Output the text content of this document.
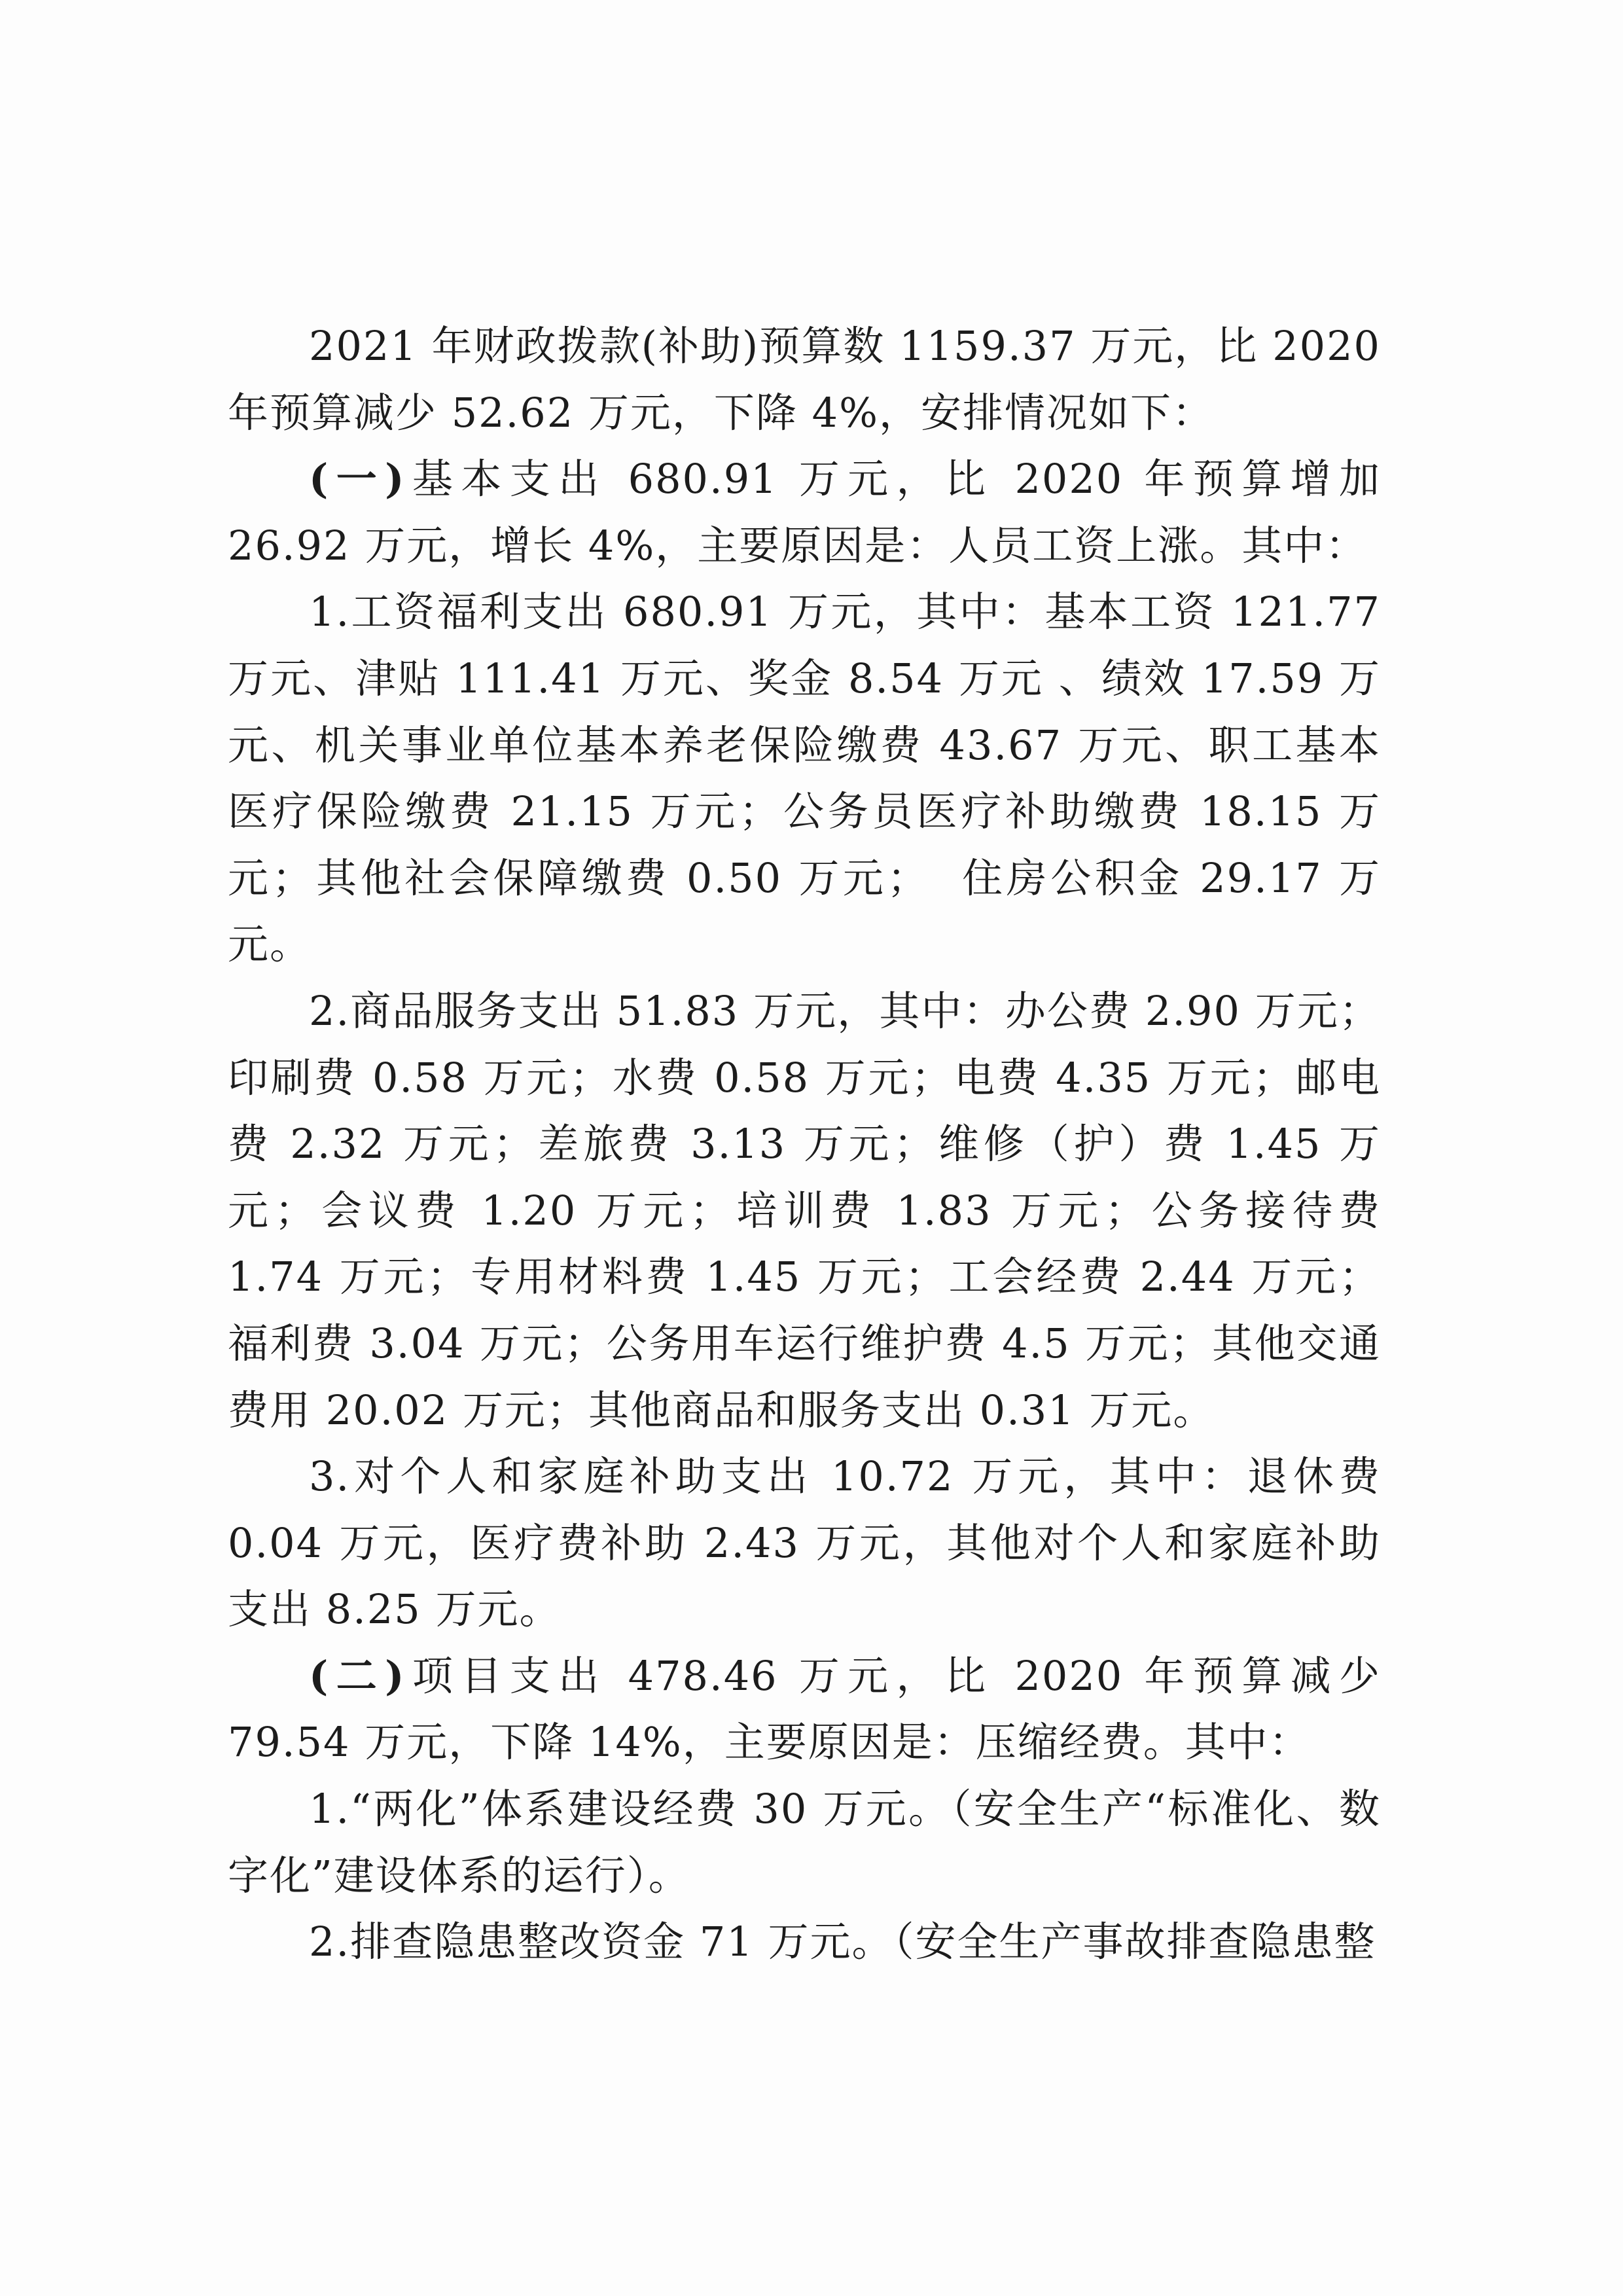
2021 年财政拨款(补助)预算数 1159.37 万元，比 2020 年预算减少 52.62 万元，下降 4%，安排情况如下：

(一)基本支出 680.91 万元，比 2020 年预算增加 26.92 万元，增长 4%，主要原因是：人员工资上涨。其中：

1.工资福利支出 680.91 万元，其中：基本工资 121.77 万元、津贴 111.41 万元、奖金 8.54 万元 、绩效 17.59 万元、机关事业单位基本养老保险缴费 43.67 万元、职工基本医疗保险缴费 21.15 万元；公务员医疗补助缴费 18.15 万元；其他社会保障缴费 0.50 万元；  住房公积金 29.17 万元。

2.商品服务支出 51.83 万元，其中：办公费 2.90 万元；印刷费 0.58 万元；水费 0.58 万元；电费 4.35 万元；邮电费 2.32 万元；差旅费 3.13 万元；维修（护）费 1.45 万元；会议费 1.20 万元；培训费 1.83 万元；公务接待费 1.74 万元；专用材料费 1.45 万元；工会经费 2.44 万元；福利费 3.04 万元；公务用车运行维护费 4.5 万元；其他交通费用 20.02 万元；其他商品和服务支出 0.31 万元。

3.对个人和家庭补助支出 10.72 万元，其中：退休费 0.04 万元，医疗费补助 2.43 万元，其他对个人和家庭补助支出 8.25 万元。

(二)项目支出 478.46 万元，比 2020 年预算减少 79.54 万元，下降 14%，主要原因是：压缩经费。其中：

1.“两化”体系建设经费 30 万元。（安全生产“标准化、数字化”建设体系的运行）。

2.排查隐患整改资金 71 万元。（安全生产事故排查隐患整
